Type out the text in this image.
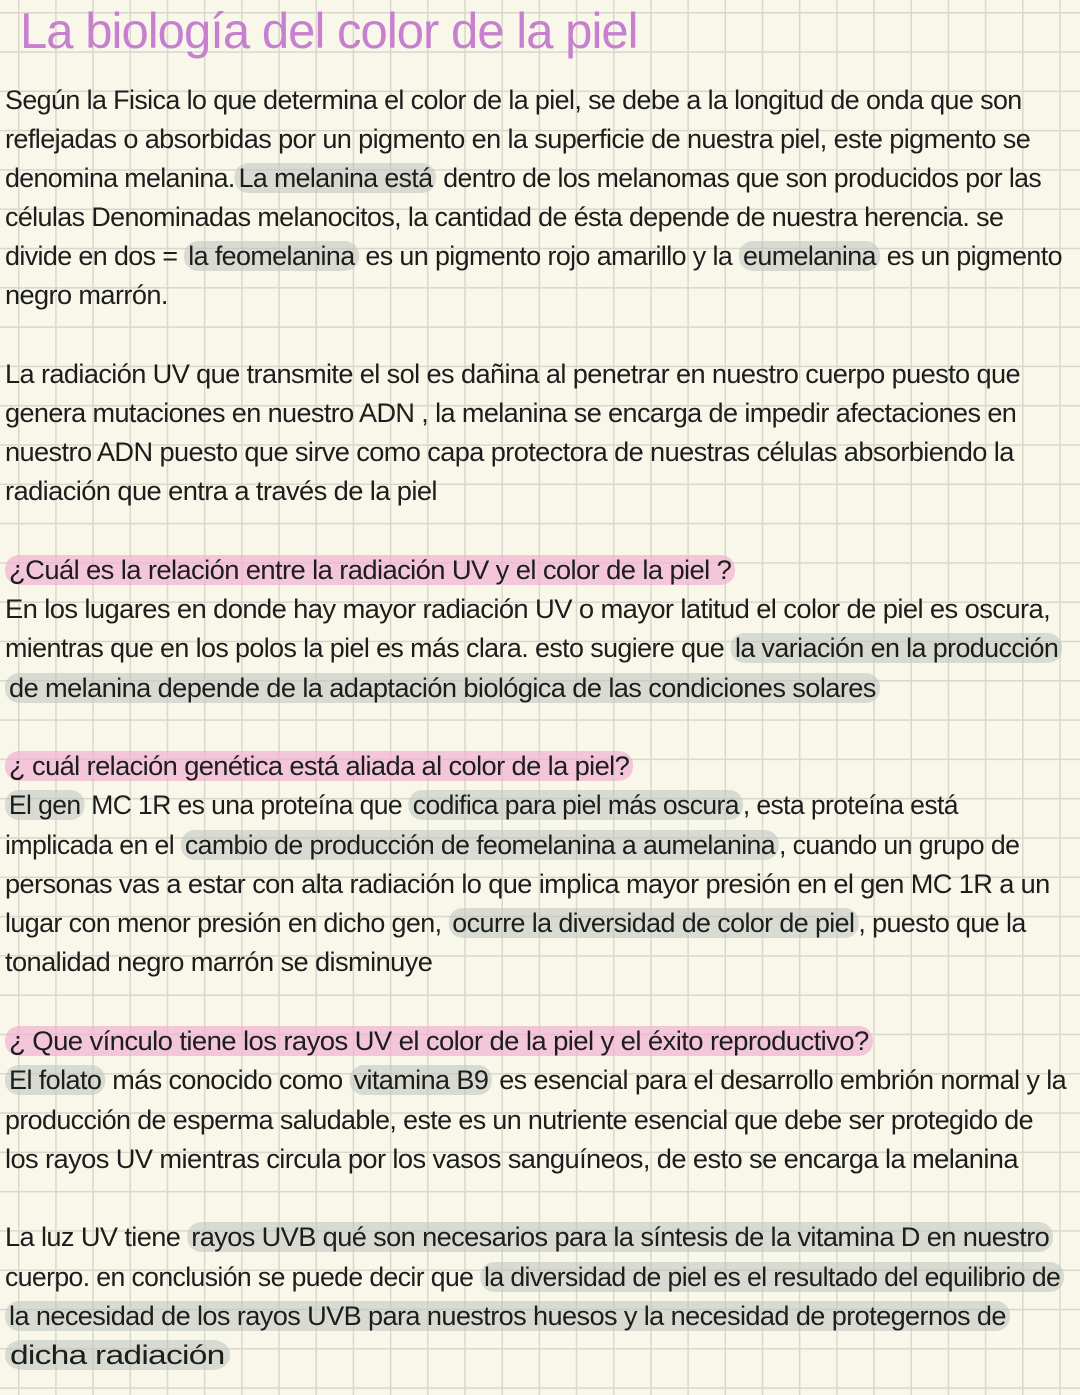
La biología del color de la piel
Según la Fisica lo que determina el color de la piel, se debe a la longitud de onda que son
reflejadas o absorbidas por un pigmento en la superficie de nuestra piel, este pigmento se
denomina melanina. La melanina está dentro de los melanomas que son producidos por las
células Denominadas melanocitos, la cantidad de ésta depende de nuestra herencia. se
divide en dos = la feomelanina es un pigmento rojo amarillo y la eumelanina es un pigmento
negro marrón.
La radiación UV que transmite el sol es dañina al penetrar en nuestro cuerpo puesto que
genera mutaciones en nuestro ADN , la melanina se encarga de impedir afectaciones en
nuestro ADN puesto que sirve como capa protectora de nuestras células absorbiendo la
radiación que entra a través de la piel
¿Cuál es la relación entre la radiación UV y el color de la piel ?
En los lugares en donde hay mayor radiación UV o mayor latitud el color de piel es oscura,
mientras que en los polos la piel es más clara. esto sugiere que la variación en la producción
de melanina depende de la adaptación biológica de las condiciones solares
¿ cuál relación genética está aliada al color de la piel?
El gen MC 1R es una proteína que codifica para piel más oscura , esta proteína está
implicada en el cambio de producción de feomelanina a aumelanina , cuando un grupo de
personas vas a estar con alta radiación lo que implica mayor presión en el gen MC 1R a un
lugar con menor presión en dicho gen, ocurre la diversidad de color de piel , puesto que la
tonalidad negro marrón se disminuye
¿ Que vínculo tiene los rayos UV el color de la piel y el éxito reproductivo?
El folato más conocido como vitamina B9 es esencial para el desarrollo embrión normal y la
producción de esperma saludable, este es un nutriente esencial que debe ser protegido de
los rayos UV mientras circula por los vasos sanguíneos, de esto se encarga la melanina
La luz UV tiene rayos UVB qué son necesarios para la síntesis de la vitamina D en nuestro
cuerpo. en conclusión se puede decir que la diversidad de piel es el resultado del equilibrio de
la necesidad de los rayos UVB para nuestros huesos y la necesidad de protegernos de
dicha radiación
